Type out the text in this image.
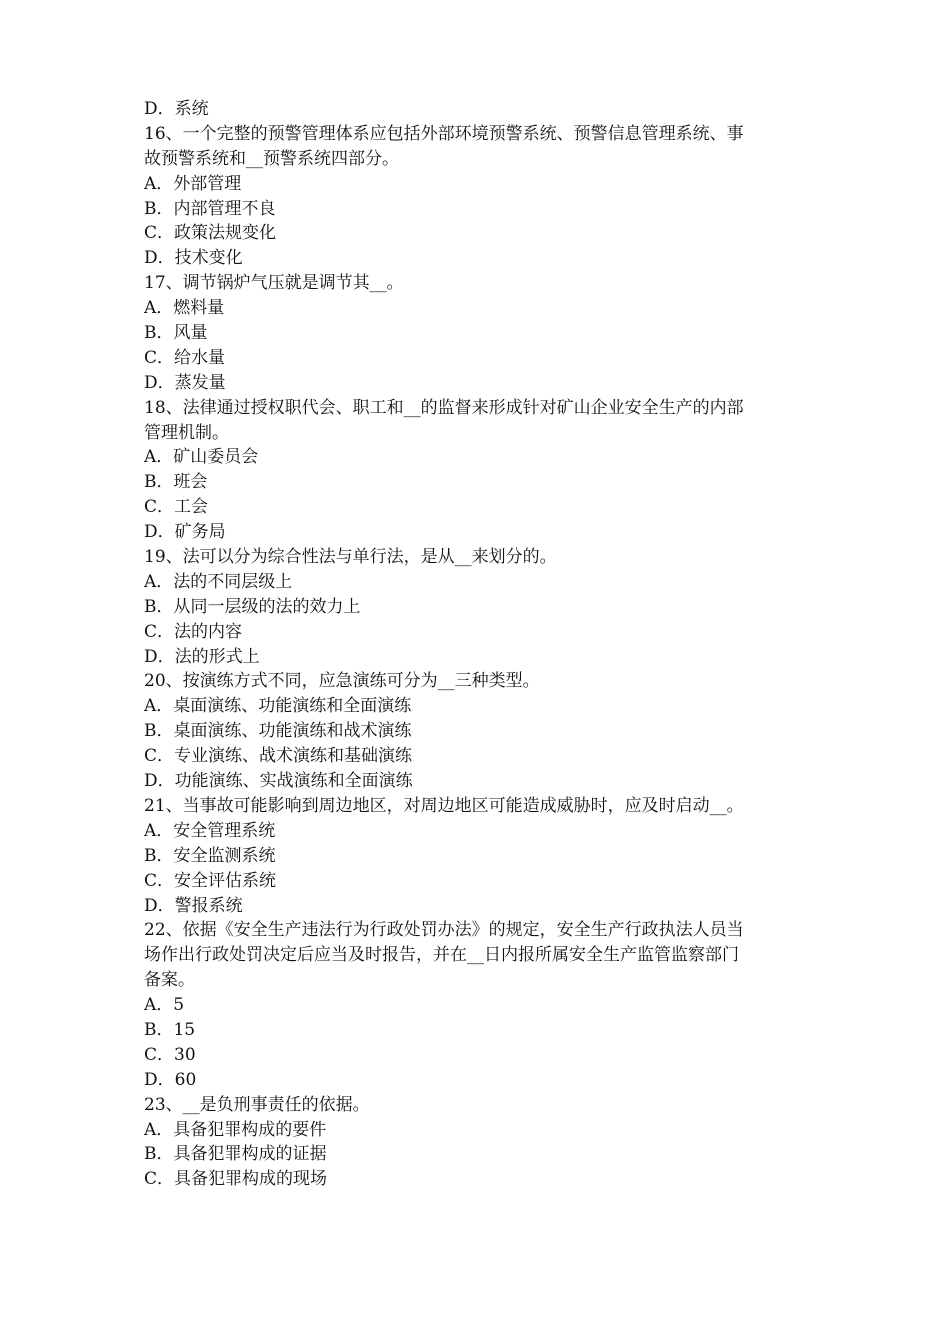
D．系统
16、一个完整的预警管理体系应包括外部环境预警系统、预警信息管理系统、事
故预警系统和__预警系统四部分。
A．外部管理
B．内部管理不良
C．政策法规变化
D．技术变化
17、调节锅炉气压就是调节其__。
A．燃料量
B．风量
C．给水量
D．蒸发量
18、法律通过授权职代会、职工和__的监督来形成针对矿山企业安全生产的内部
管理机制。
A．矿山委员会
B．班会
C．工会
D．矿务局
19、法可以分为综合性法与单行法，是从__来划分的。
A．法的不同层级上
B．从同一层级的法的效力上
C．法的内容
D．法的形式上
20、按演练方式不同，应急演练可分为__三种类型。
A．桌面演练、功能演练和全面演练
B．桌面演练、功能演练和战术演练
C．专业演练、战术演练和基础演练
D．功能演练、实战演练和全面演练
21、当事故可能影响到周边地区，对周边地区可能造成威胁时，应及时启动__。
A．安全管理系统
B．安全监测系统
C．安全评估系统
D．警报系统
22、依据《安全生产违法行为行政处罚办法》的规定，安全生产行政执法人员当
场作出行政处罚决定后应当及时报告，并在__日内报所属安全生产监管监察部门
备案。
A．5
B．15
C．30
D．60
23、__是负刑事责任的依据。
A．具备犯罪构成的要件
B．具备犯罪构成的证据
C．具备犯罪构成的现场
